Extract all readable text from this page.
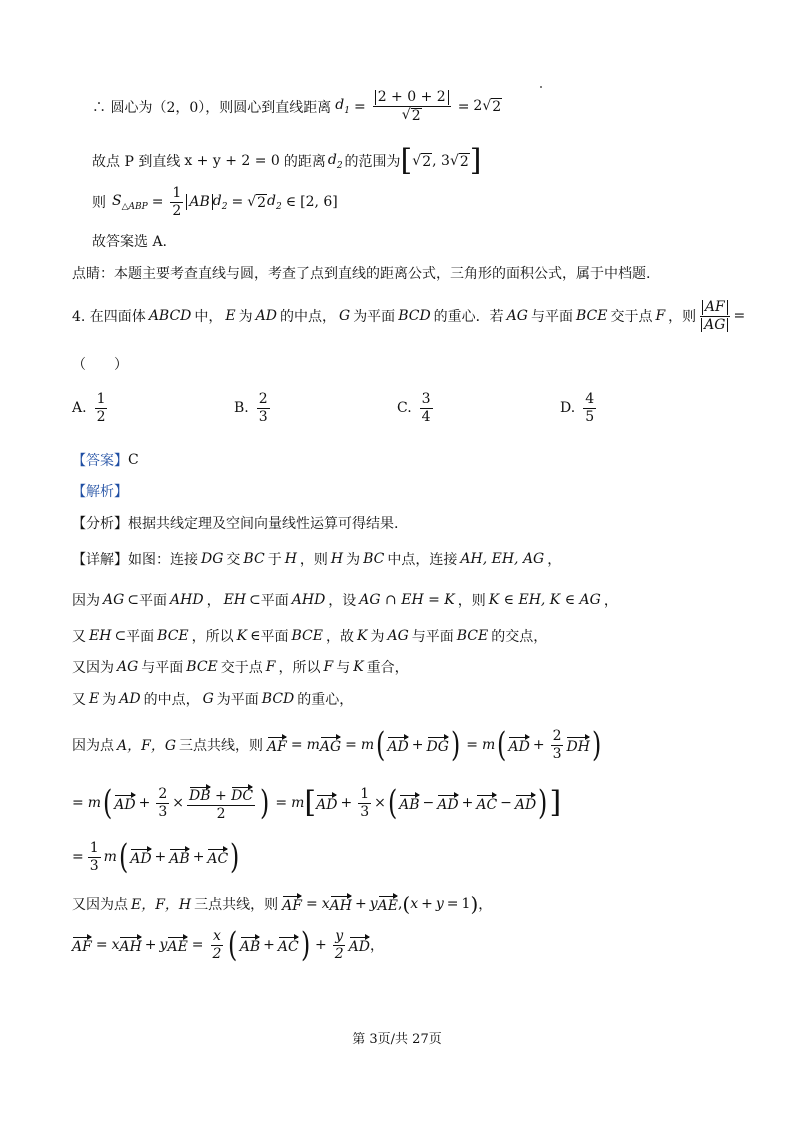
∴ 圆心为（2，0），则圆心到直线距离 $d_1 = \frac{2 + 0 + 2}{√ 2} = 2$ √ 2
故点 P 到直线 x + y + 2 = 0 的距离 $d_2$ 的范围为 [ √ 2 , 3 √ 2 ]
则 $S_{\triangle ABP} = \frac{1}{2}$ AB $d_2$ = √ 2 $d_2$ ∈ [2, 6]
故答案选 A.
点睛：本题主要考查直线与圆，考查了点到直线的距离公式，三角形的面积公式，属于中档题.
4. 在四面体 ABCD 中， E 为 AD 的中点， G 为平面 BCD 的重心．若 AG 与平面 BCE 交于点 F ，则 $\frac{AF}{AG}$ =
（　　）
A. $\frac{1}{2}$	B. $\frac{2}{3}$	C. $\frac{3}{4}$	D. $\frac{4}{5}$
【答案】 C
【解析】
【分析】 根据共线定理及空间向量线性运算可得结果.
【详解】 如图：连接 DG 交 BC 于 H ，则 H 为 BC 中点，连接 AH, EH, AG ，
因为 AG ⊂ 平面 AHD ， EH ⊂ 平面 AHD ，设 AG ∩ EH = K ，则 K ∈ EH, K ∈ AG ，
又 EH ⊂ 平面 BCE ，所以 K ∈ 平面 BCE ，故 K 为 AG 与平面 BCE 的交点，
又因为 AG 与平面 BCE 交于点 F ，所以 F 与 K 重合，
又 E 为 AD 的中点， G 为平面 BCD 的重心，
因为点 A，F，G 三点共线，则 AF = m AG = m ( AD + DG ) = m ( AD + $\frac{2}{3}$ DH )
= m ( AD + $\frac{2}{3} \times \frac{DB + DC}{2}$ ) = m [ AD + $\frac{1}{3}$ × ( AB − AD + AC − AD ) ]
= $\frac{1}{3}$ m ( AD + AB + AC )
又因为点 E，F，H 三点共线，则 AF = x AH + y AE , ( x + y = 1 ) ，
AF = x AH + y AE = $\frac{x}{2}$ ( AB + AC ) + $\frac{y}{2}$ AD ，
第 3页/共 27页
